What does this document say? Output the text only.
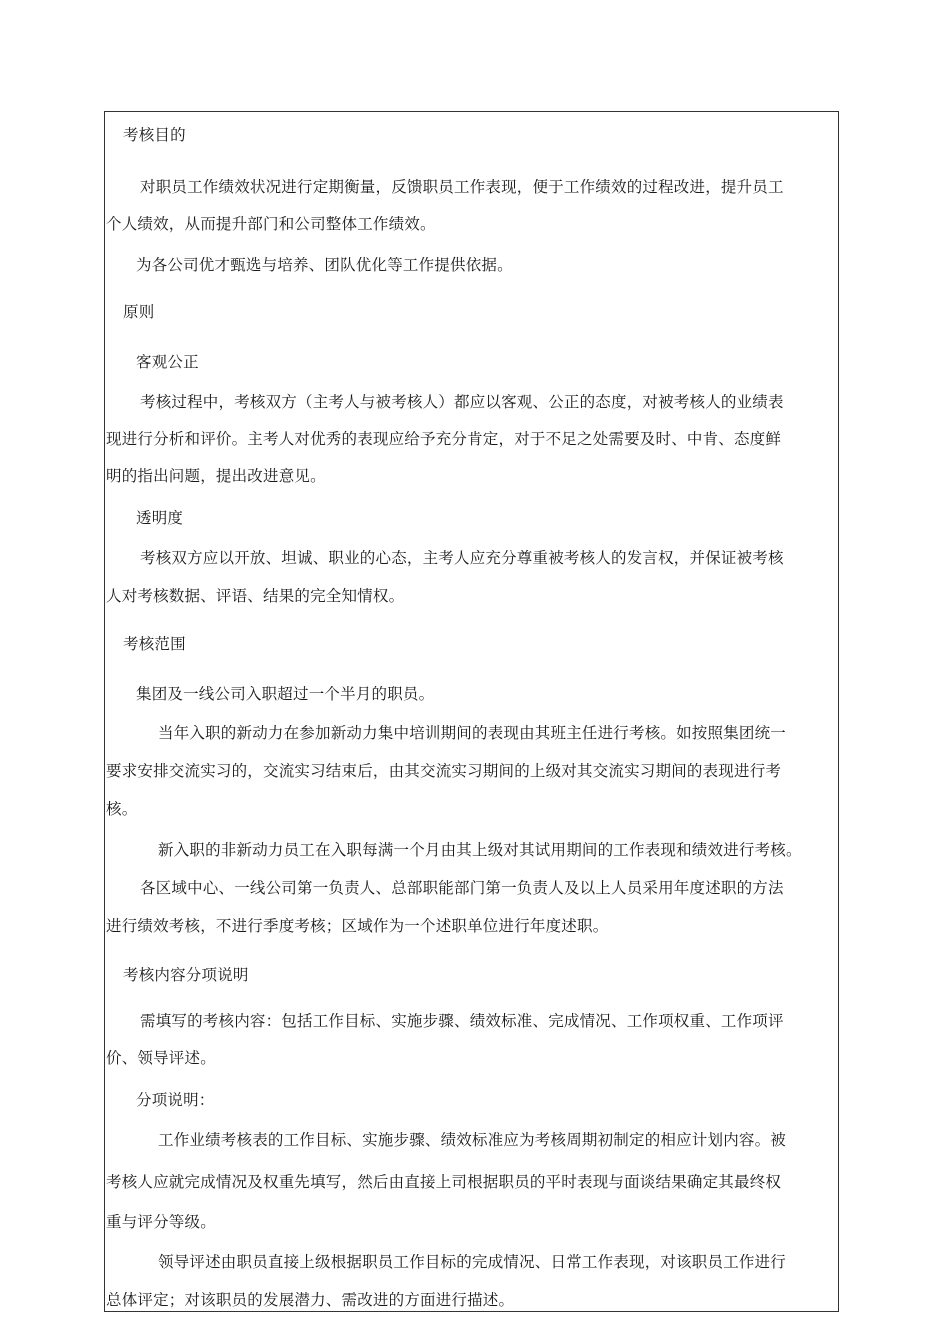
考核目的
对职员工作绩效状况进行定期衡量，反馈职员工作表现，便于工作绩效的过程改进，提升员工
个人绩效，从而提升部门和公司整体工作绩效。
为各公司优才甄选与培养、团队优化等工作提供依据。
原则
客观公正
考核过程中，考核双方（主考人与被考核人）都应以客观、公正的态度，对被考核人的业绩表
现进行分析和评价。主考人对优秀的表现应给予充分肯定，对于不足之处需要及时、中肯、态度鲜
明的指出问题，提出改进意见。
透明度
考核双方应以开放、坦诚、职业的心态，主考人应充分尊重被考核人的发言权，并保证被考核
人对考核数据、评语、结果的完全知情权。
考核范围
集团及一线公司入职超过一个半月的职员。
当年入职的新动力在参加新动力集中培训期间的表现由其班主任进行考核。如按照集团统一
要求安排交流实习的，交流实习结束后，由其交流实习期间的上级对其交流实习期间的表现进行考
核。
新入职的非新动力员工在入职每满一个月由其上级对其试用期间的工作表现和绩效进行考核。
各区域中心、一线公司第一负责人、总部职能部门第一负责人及以上人员采用年度述职的方法
进行绩效考核，不进行季度考核；区域作为一个述职单位进行年度述职。
考核内容分项说明
需填写的考核内容：包括工作目标、实施步骤、绩效标准、完成情况、工作项权重、工作项评
价、领导评述。
分项说明：
工作业绩考核表的工作目标、实施步骤、绩效标准应为考核周期初制定的相应计划内容。被
考核人应就完成情况及权重先填写，然后由直接上司根据职员的平时表现与面谈结果确定其最终权
重与评分等级。
领导评述由职员直接上级根据职员工作目标的完成情况、日常工作表现，对该职员工作进行
总体评定；对该职员的发展潜力、需改进的方面进行描述。
